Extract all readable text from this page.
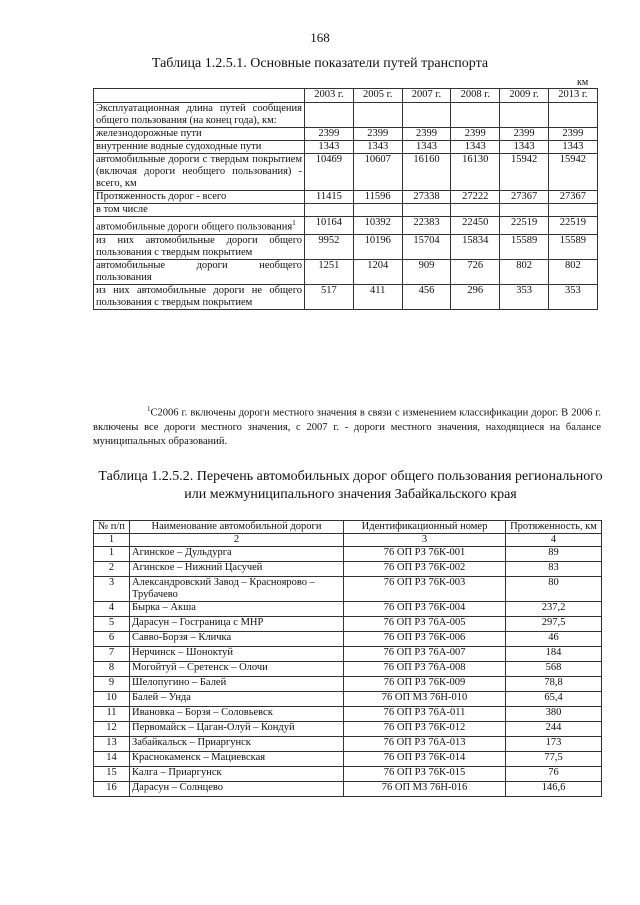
168
Таблица 1.2.5.1. Основные показатели путей транспорта
км
	2003 г.	2005 г.	2007 г.	2008 г.	2009 г.	2013 г.
Эксплуатационная длина путей сообщения общего пользования (на конец года), км:						
железнодорожные пути	2399	2399	2399	2399	2399	2399
внутренние водные судоходные пути	1343	1343	1343	1343	1343	1343
автомобильные дороги с твердым покрытием (включая дороги необщего пользования) - всего, км	10469	10607	16160	16130	15942	15942
Протяженность дорог - всего	11415	11596	27338	27222	27367	27367
в том числе						
автомобильные дороги общего пользования$^1$	10164	10392	22383	22450	22519	22519
из них автомобильные дороги общего пользования с твердым покрытием	9952	10196	15704	15834	15589	15589
автомобильные дороги необщего пользования	1251	1204	909	726	802	802
из них автомобильные дороги не общего пользования с твердым покрытием	517	411	456	296	353	353
$^1$С2006 г. включены дороги местного значения в связи с изменением классификации дорог. В 2006 г. включены все дороги местного значения, с 2007 г. - дороги местного значения, находящиеся на балансе муниципальных образований.
Таблица 1.2.5.2. Перечень автомобильных дорог общего пользования регионального или межмуниципального значения Забайкальского края
№ п/п	Наименование автомобильной дороги	Идентификационный номер	Протяженность, км
1	2	3	4
1	Агинское – Дульдурга	76 ОП РЗ 76К-001	89
2	Агинское – Нижний Цасучей	76 ОП РЗ 76К-002	83
3	Александровский Завод – Красноярово – Трубачево	76 ОП РЗ 76К-003	80
4	Бырка – Акша	76 ОП РЗ 76К-004	237,2
5	Дарасун – Госграница с МНР	76 ОП РЗ 76А-005	297,5
6	Савво-Борзя – Кличка	76 ОП РЗ 76К-006	46
7	Нерчинск – Шоноктуй	76 ОП РЗ 76А-007	184
8	Могойтуй – Сретенск – Олочи	76 ОП РЗ 76А-008	568
9	Шелопугино – Балей	76 ОП РЗ 76К-009	78,8
10	Балей – Унда	76 ОП МЗ 76Н-010	65,4
11	Ивановка – Борзя – Соловьевск	76 ОП РЗ 76А-011	380
12	Первомайск – Цаган-Олуй – Кондуй	76 ОП РЗ 76К-012	244
13	Забайкальск – Приаргунск	76 ОП РЗ 76А-013	173
14	Краснокаменск – Мациевская	76 ОП РЗ 76К-014	77,5
15	Калга – Приаргунск	76 ОП РЗ 76К-015	76
16	Дарасун – Солнцево	76 ОП МЗ 76Н-016	146,6
